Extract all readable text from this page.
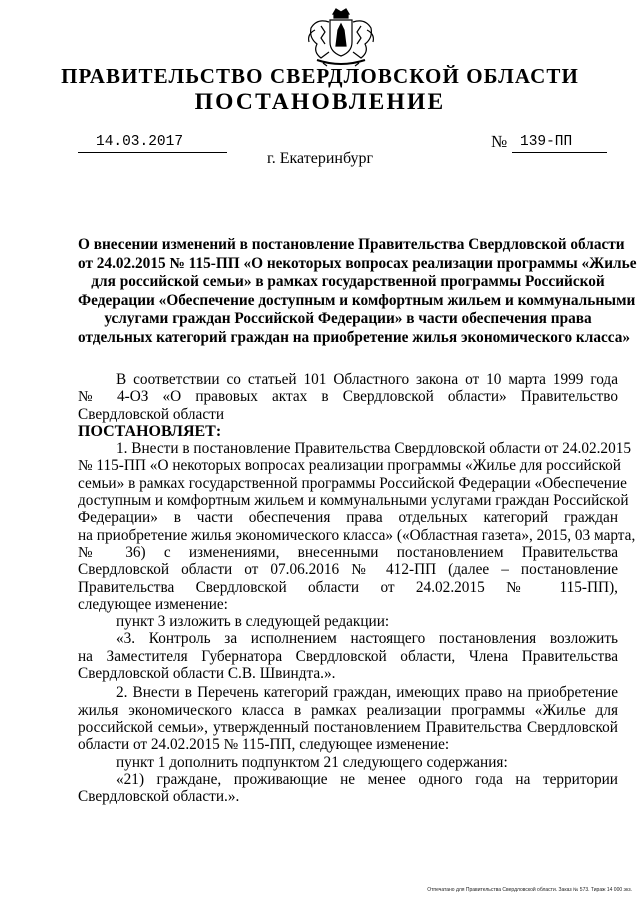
ПРАВИТЕЛЬСТВО СВЕРДЛОВСКОЙ ОБЛАСТИ
ПОСТАНОВЛЕНИЕ
14.03.2017	№ 139-ПП
г. Екатеринбург
О внесении изменений в постановление Правительства Свердловской области
от 24.02.2015 № 115-ПП «О некоторых вопросах реализации программы «Жилье
для российской семьи» в рамках государственной программы Российской
Федерации «Обеспечение доступным и комфортным жильем и коммунальными
услугами граждан Российской Федерации» в части обеспечения права
отдельных категорий граждан на приобретение жилья экономического класса»
В соответствии со статьей 101 Областного закона от 10 марта 1999 года
№ 4-ОЗ «О правовых актах в Свердловской области» Правительство
Свердловской области
ПОСТАНОВЛЯЕТ:
1. Внести в постановление Правительства Свердловской области от 24.02.2015
№ 115-ПП «О некоторых вопросах реализации программы «Жилье для российской
семьи» в рамках государственной программы Российской Федерации «Обеспечение
доступным и комфортным жильем и коммунальными услугами граждан Российской
Федерации» в части обеспечения права отдельных категорий граждан
на приобретение жилья экономического класса» («Областная газета», 2015, 03 марта,
№ 36) с изменениями, внесенными постановлением Правительства
Свердловской области от 07.06.2016 № 412-ПП (далее – постановление
Правительства Свердловской области от 24.02.2015 № 115-ПП),
следующее изменение:
пункт 3 изложить в следующей редакции:
«3. Контроль за исполнением настоящего постановления возложить
на Заместителя Губернатора Свердловской области, Члена Правительства
Свердловской области С.В. Швиндта.».
2. Внести в Перечень категорий граждан, имеющих право на приобретение
жилья экономического класса в рамках реализации программы «Жилье для
российской семьи», утвержденный постановлением Правительства Свердловской
области от 24.02.2015 № 115-ПП, следующее изменение:
пункт 1 дополнить подпунктом 21 следующего содержания:
«21) граждане, проживающие не менее одного года на территории
Свердловской области.».
Отпечатано для Правительства Свердловской области. Заказ № 573. Тираж 14 000 экз.
